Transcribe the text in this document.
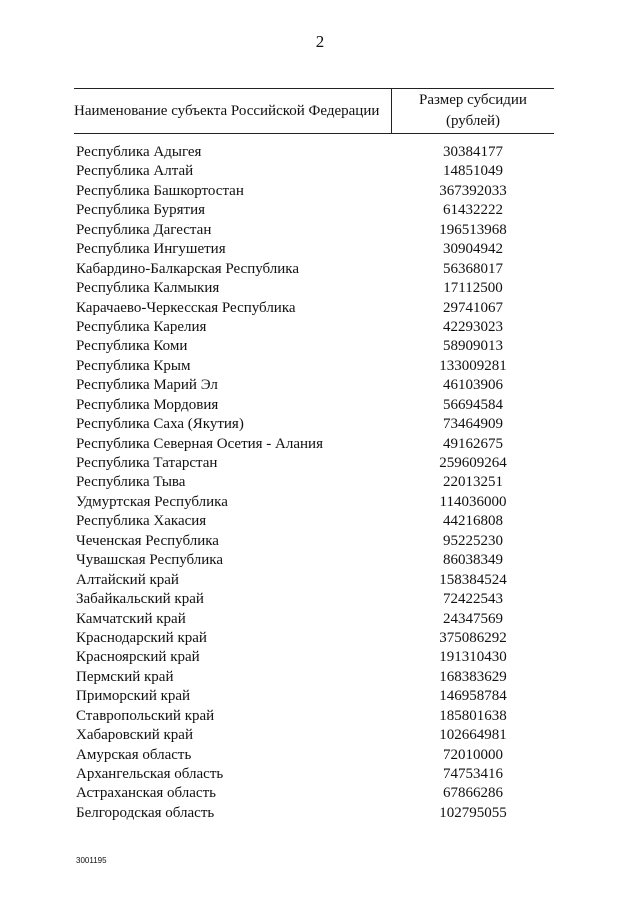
2
Наименование субъекта Российской Федерации
Размер субсидии
(рублей)
Республика Адыгея	30384177
Республика Алтай	14851049
Республика Башкортостан	367392033
Республика Бурятия	61432222
Республика Дагестан	196513968
Республика Ингушетия	30904942
Кабардино-Балкарская Республика	56368017
Республика Калмыкия	17112500
Карачаево-Черкесская Республика	29741067
Республика Карелия	42293023
Республика Коми	58909013
Республика Крым	133009281
Республика Марий Эл	46103906
Республика Мордовия	56694584
Республика Саха (Якутия)	73464909
Республика Северная Осетия - Алания	49162675
Республика Татарстан	259609264
Республика Тыва	22013251
Удмуртская Республика	114036000
Республика Хакасия	44216808
Чеченская Республика	95225230
Чувашская Республика	86038349
Алтайский край	158384524
Забайкальский край	72422543
Камчатский край	24347569
Краснодарский край	375086292
Красноярский край	191310430
Пермский край	168383629
Приморский край	146958784
Ставропольский край	185801638
Хабаровский край	102664981
Амурская область	72010000
Архангельская область	74753416
Астраханская область	67866286
Белгородская область	102795055
3001195
